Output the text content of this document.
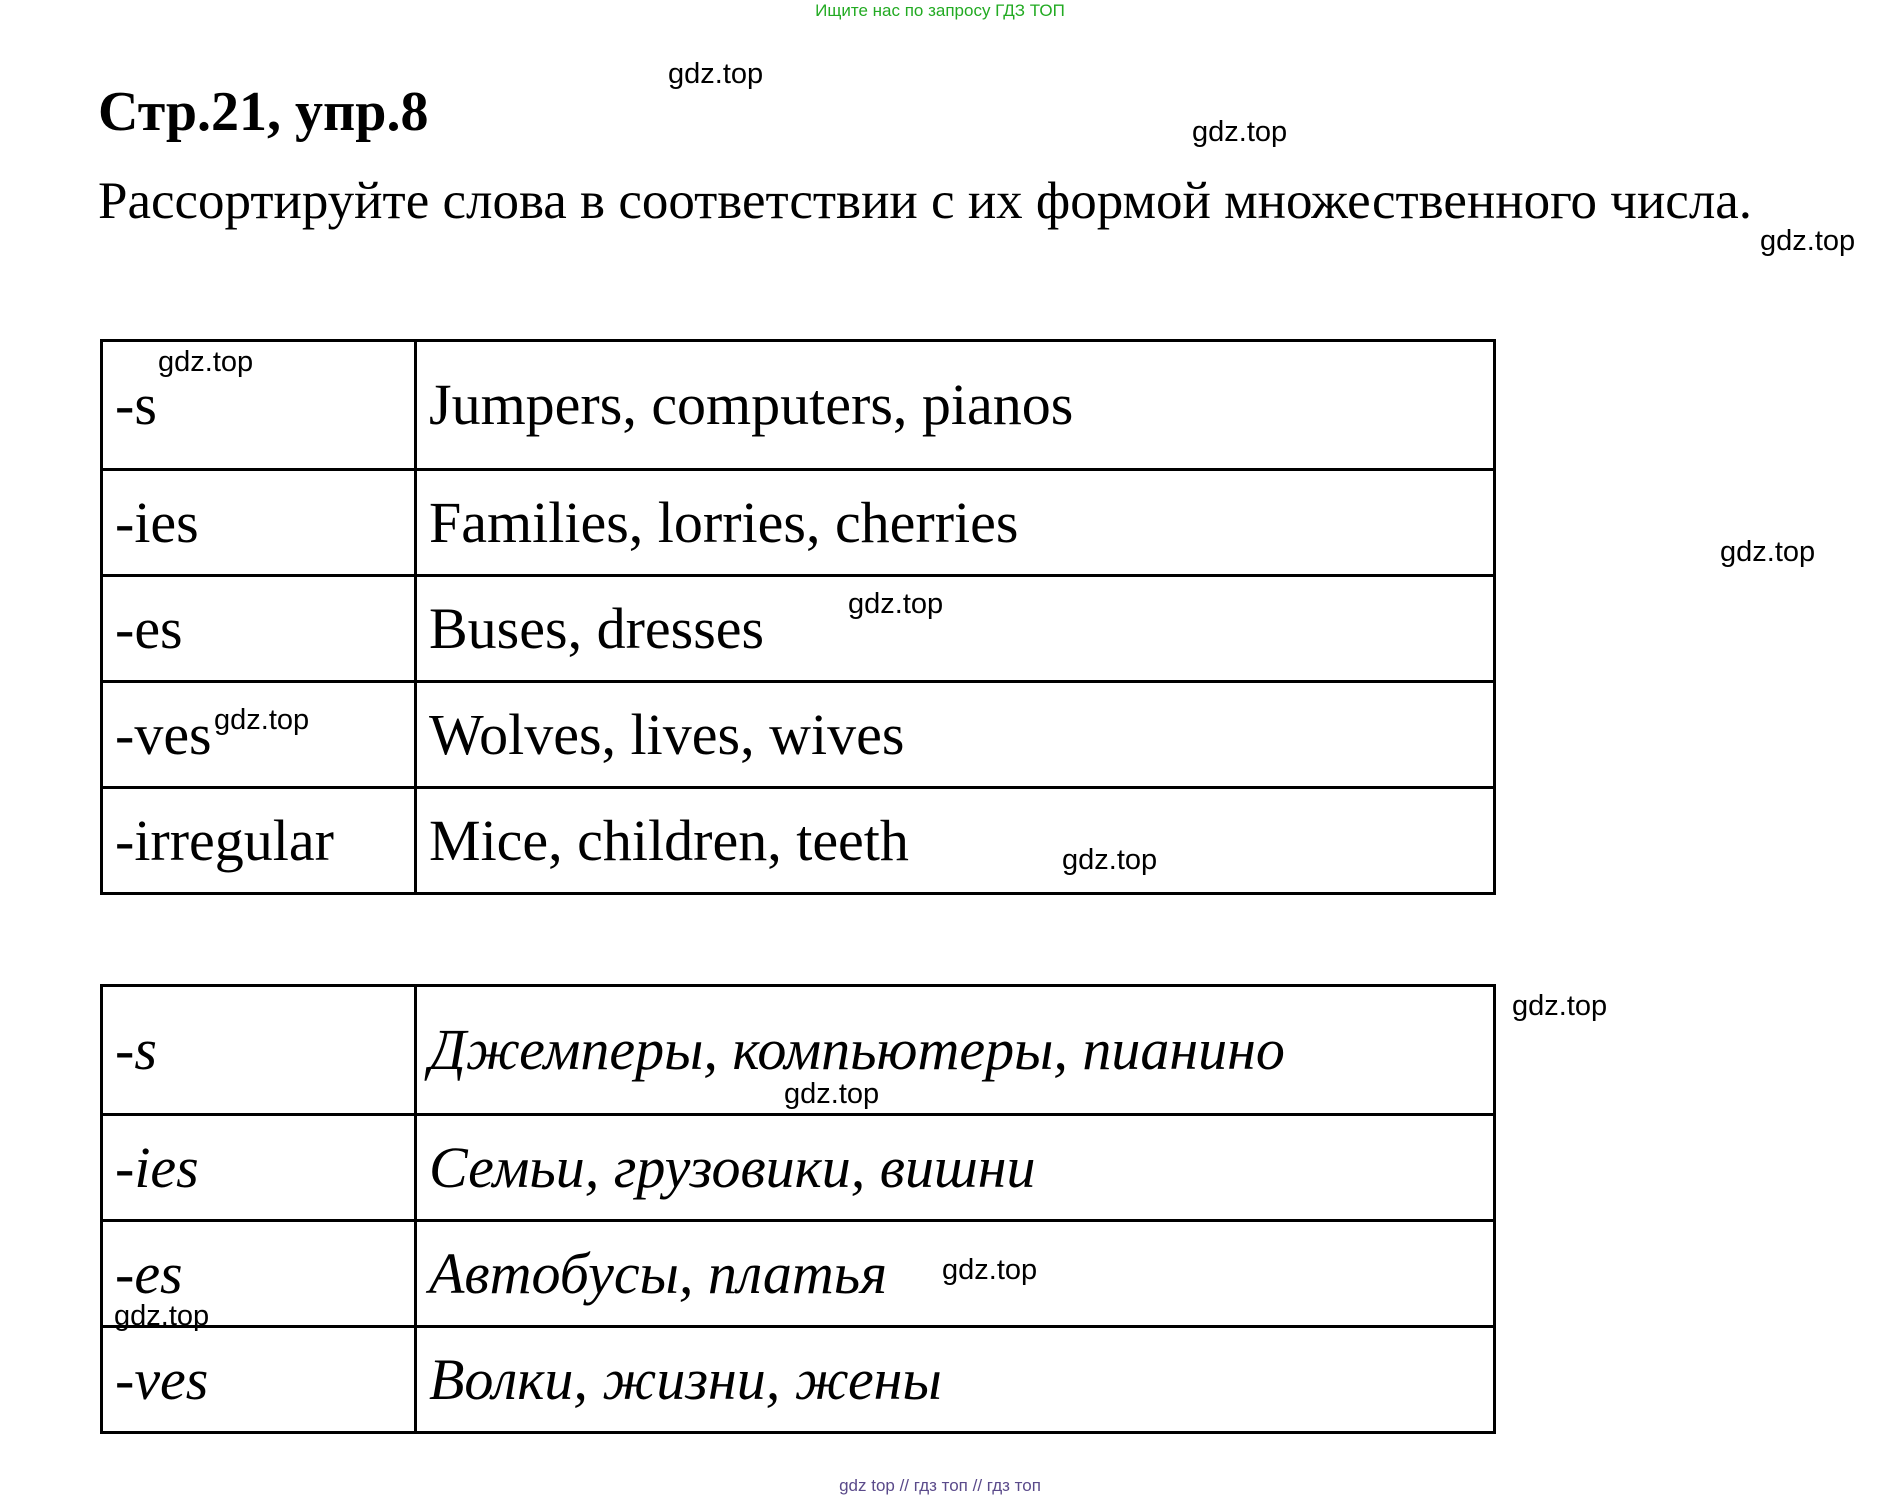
Ищите нас по запросу ГДЗ ТОП
Стр.21, упр.8
Рассортируйте слова в соответствии с их формой множественного числа.
-s	Jumpers, computers, pianos
-ies	Families, lorries, cherries
-es	Buses, dresses
-ves	Wolves, lives, wives
-irregular	Mice, children, teeth
-s	Джемперы, компьютеры, пианино
-ies	Семьи, грузовики, вишни
-es	Автобусы, платья
-ves	Волки, жизни, жены
gdz.top
gdz.top
gdz.top
gdz.top
gdz.top
gdz.top
gdz.top
gdz.top
gdz.top
gdz.top
gdz.top
gdz.top
gdz top // гдз топ // гдз топ
